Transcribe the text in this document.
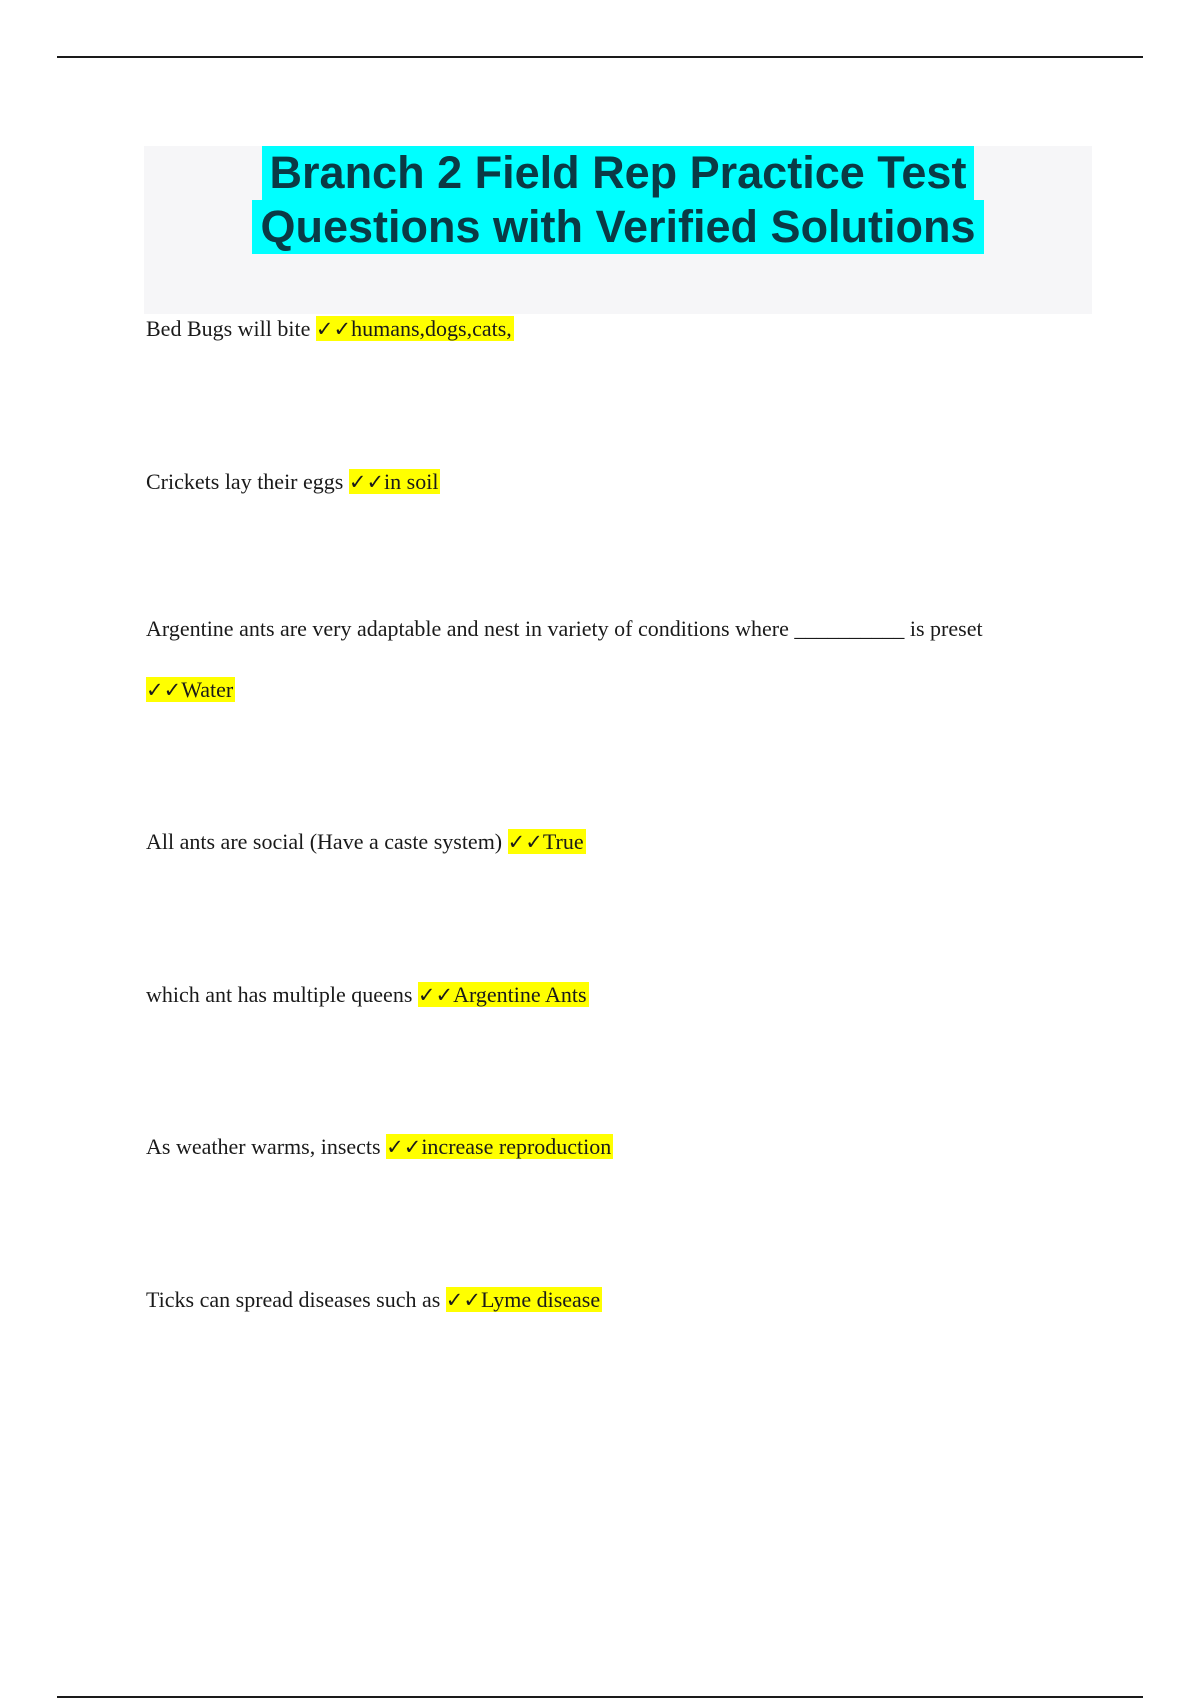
Branch 2 Field Rep Practice Test
Questions with Verified Solutions
Bed Bugs will bite ✓✓humans,dogs,cats,
Crickets lay their eggs ✓✓in soil
Argentine ants are very adaptable and nest in variety of conditions where __________ is preset
✓✓Water
All ants are social (Have a caste system) ✓✓True
which ant has multiple queens ✓✓Argentine Ants
As weather warms, insects ✓✓increase reproduction
Ticks can spread diseases such as ✓✓Lyme disease
